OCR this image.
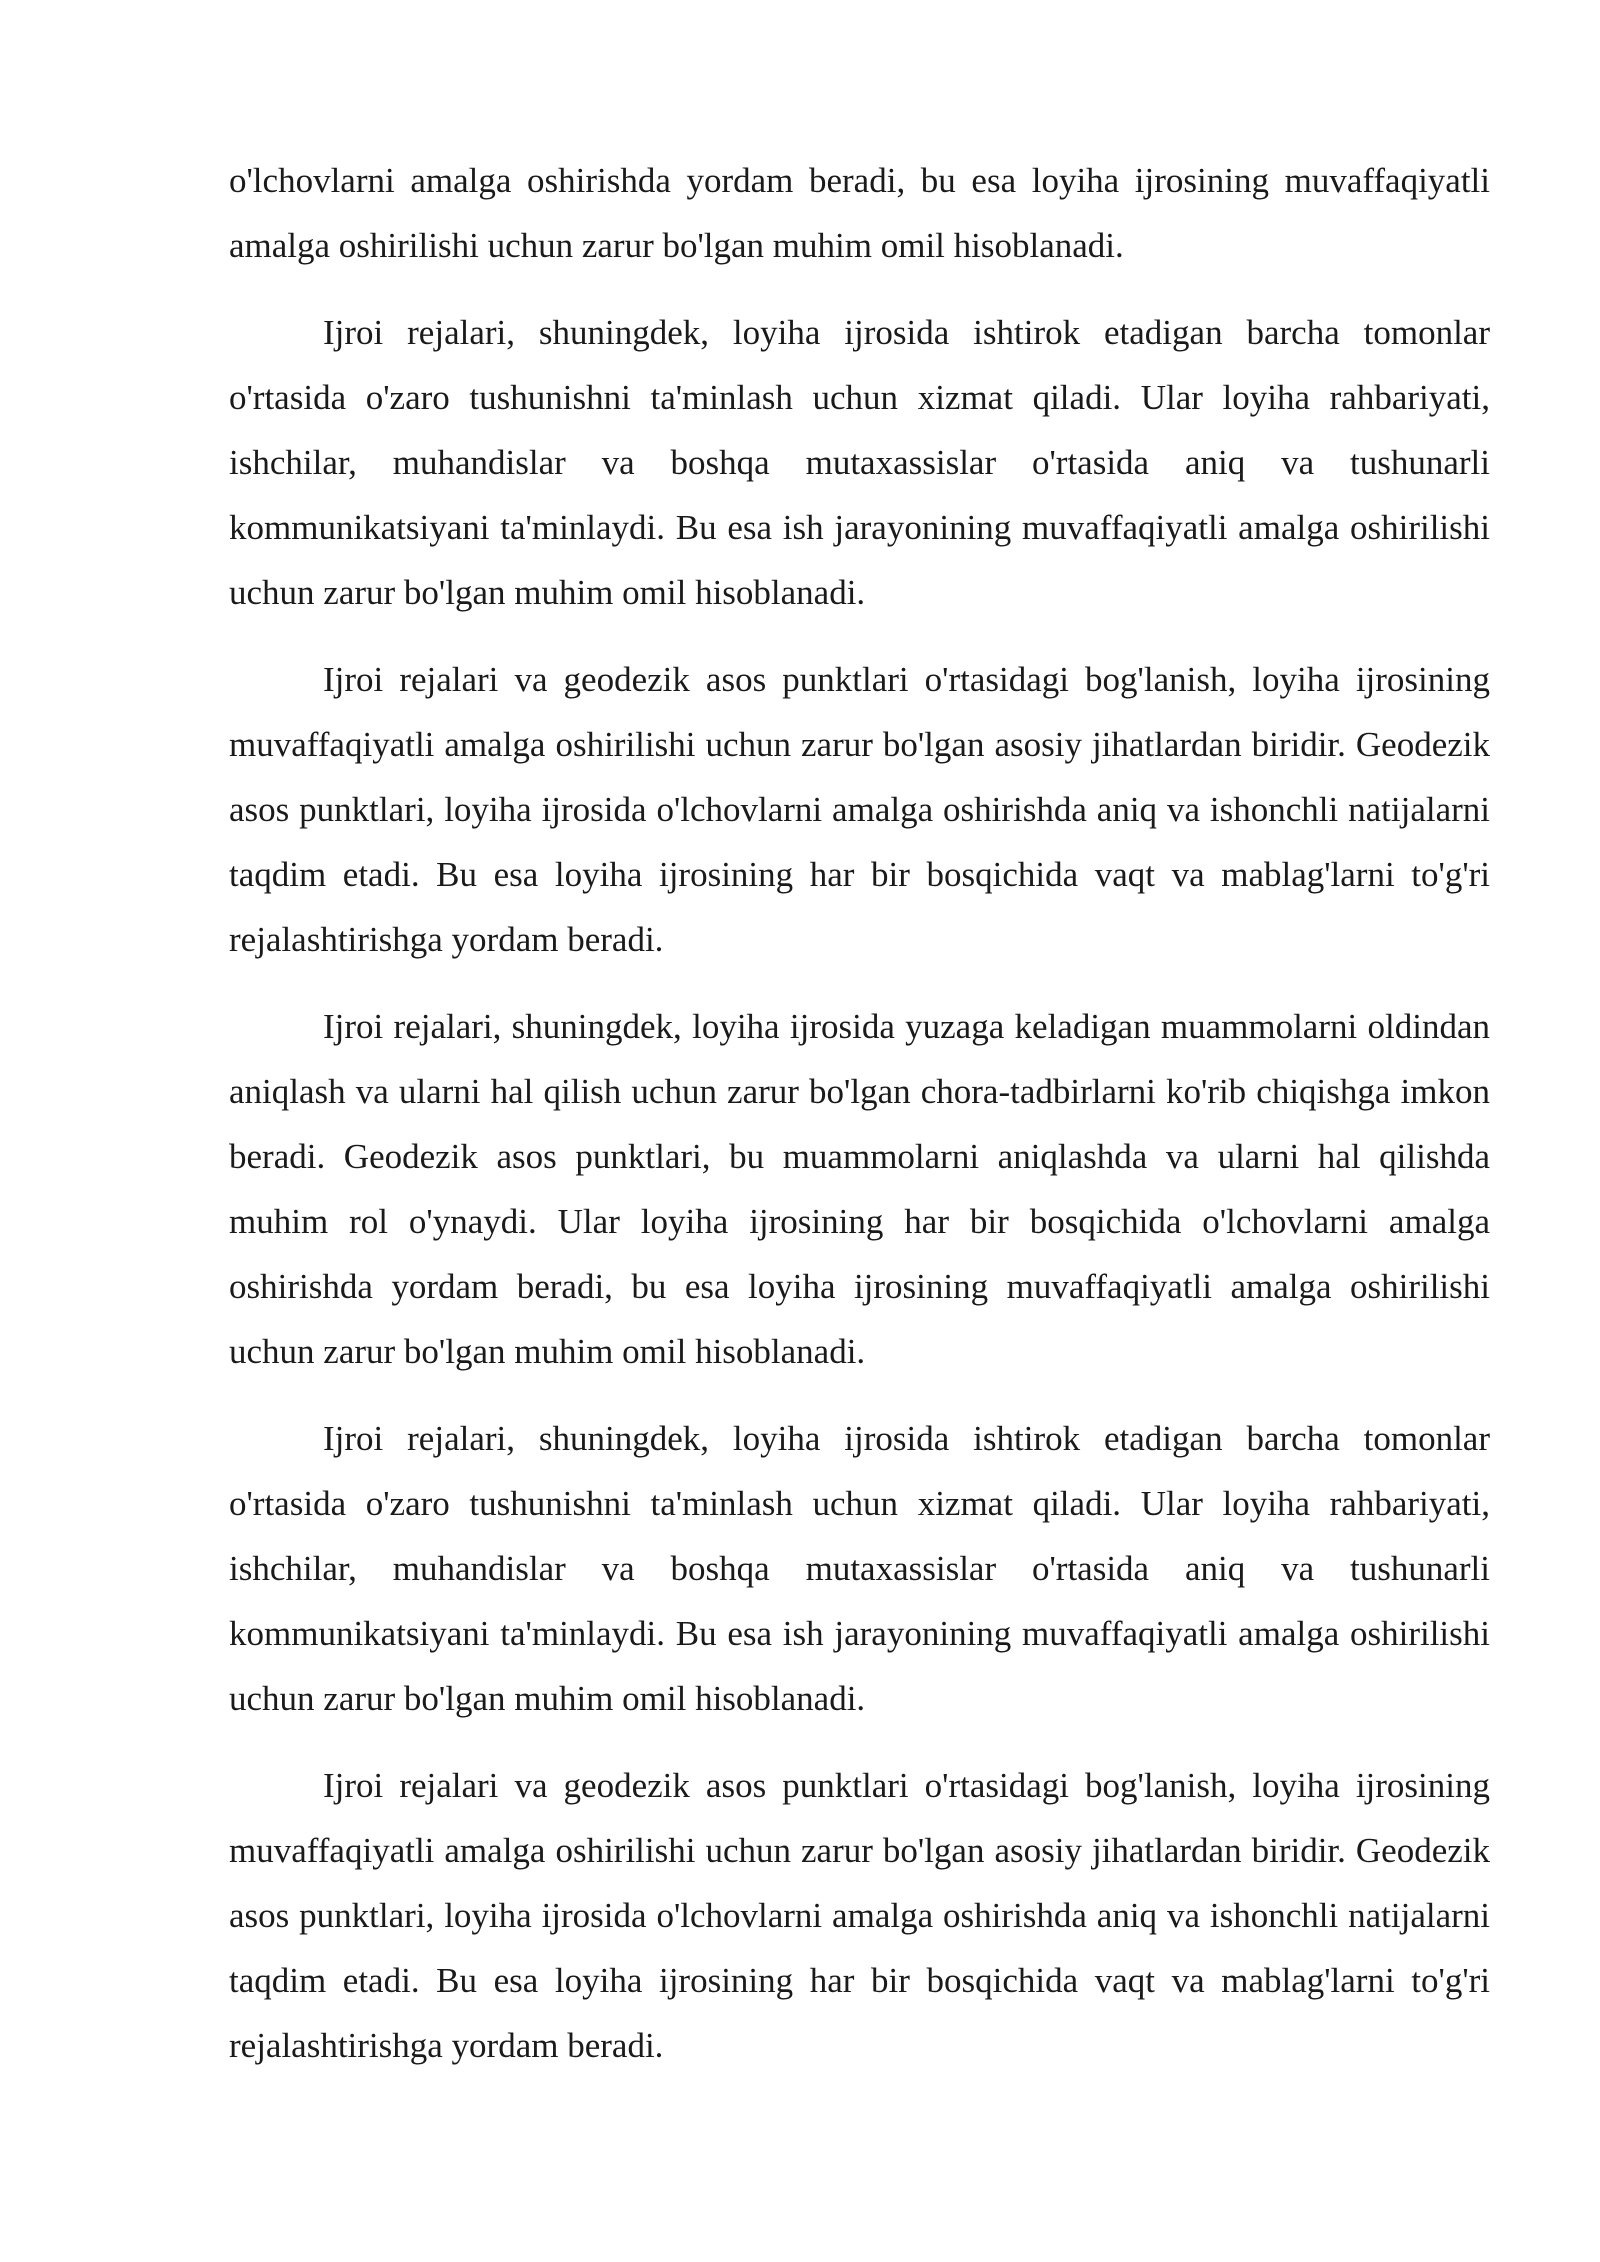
o'lchovlarni amalga oshirishda yordam beradi, bu esa loyiha ijrosining muvaffaqiyatli amalga oshirilishi uchun zarur bo'lgan muhim omil hisoblanadi.

Ijroi rejalari, shuningdek, loyiha ijrosida ishtirok etadigan barcha tomonlar o'rtasida o'zaro tushunishni ta'minlash uchun xizmat qiladi. Ular loyiha rahbariyati, ishchilar, muhandislar va boshqa mutaxassislar o'rtasida aniq va tushunarli kommunikatsiyani ta'minlaydi. Bu esa ish jarayonining muvaffaqiyatli amalga oshirilishi uchun zarur bo'lgan muhim omil hisoblanadi.

Ijroi rejalari va geodezik asos punktlari o'rtasidagi bog'lanish, loyiha ijrosining muvaffaqiyatli amalga oshirilishi uchun zarur bo'lgan asosiy jihatlardan biridir. Geodezik asos punktlari, loyiha ijrosida o'lchovlarni amalga oshirishda aniq va ishonchli natijalarni taqdim etadi. Bu esa loyiha ijrosining har bir bosqichida vaqt va mablag'larni to'g'ri rejalashtirishga yordam beradi.

Ijroi rejalari, shuningdek, loyiha ijrosida yuzaga keladigan muammolarni oldindan aniqlash va ularni hal qilish uchun zarur bo'lgan chora-tadbirlarni ko'rib chiqishga imkon beradi. Geodezik asos punktlari, bu muammolarni aniqlashda va ularni hal qilishda muhim rol o'ynaydi. Ular loyiha ijrosining har bir bosqichida o'lchovlarni amalga oshirishda yordam beradi, bu esa loyiha ijrosining muvaffaqiyatli amalga oshirilishi uchun zarur bo'lgan muhim omil hisoblanadi.

Ijroi rejalari, shuningdek, loyiha ijrosida ishtirok etadigan barcha tomonlar o'rtasida o'zaro tushunishni ta'minlash uchun xizmat qiladi. Ular loyiha rahbariyati, ishchilar, muhandislar va boshqa mutaxassislar o'rtasida aniq va tushunarli kommunikatsiyani ta'minlaydi. Bu esa ish jarayonining muvaffaqiyatli amalga oshirilishi uchun zarur bo'lgan muhim omil hisoblanadi.

Ijroi rejalari va geodezik asos punktlari o'rtasidagi bog'lanish, loyiha ijrosining muvaffaqiyatli amalga oshirilishi uchun zarur bo'lgan asosiy jihatlardan biridir. Geodezik asos punktlari, loyiha ijrosida o'lchovlarni amalga oshirishda aniq va ishonchli natijalarni taqdim etadi. Bu esa loyiha ijrosining har bir bosqichida vaqt va mablag'larni to'g'ri rejalashtirishga yordam beradi.
